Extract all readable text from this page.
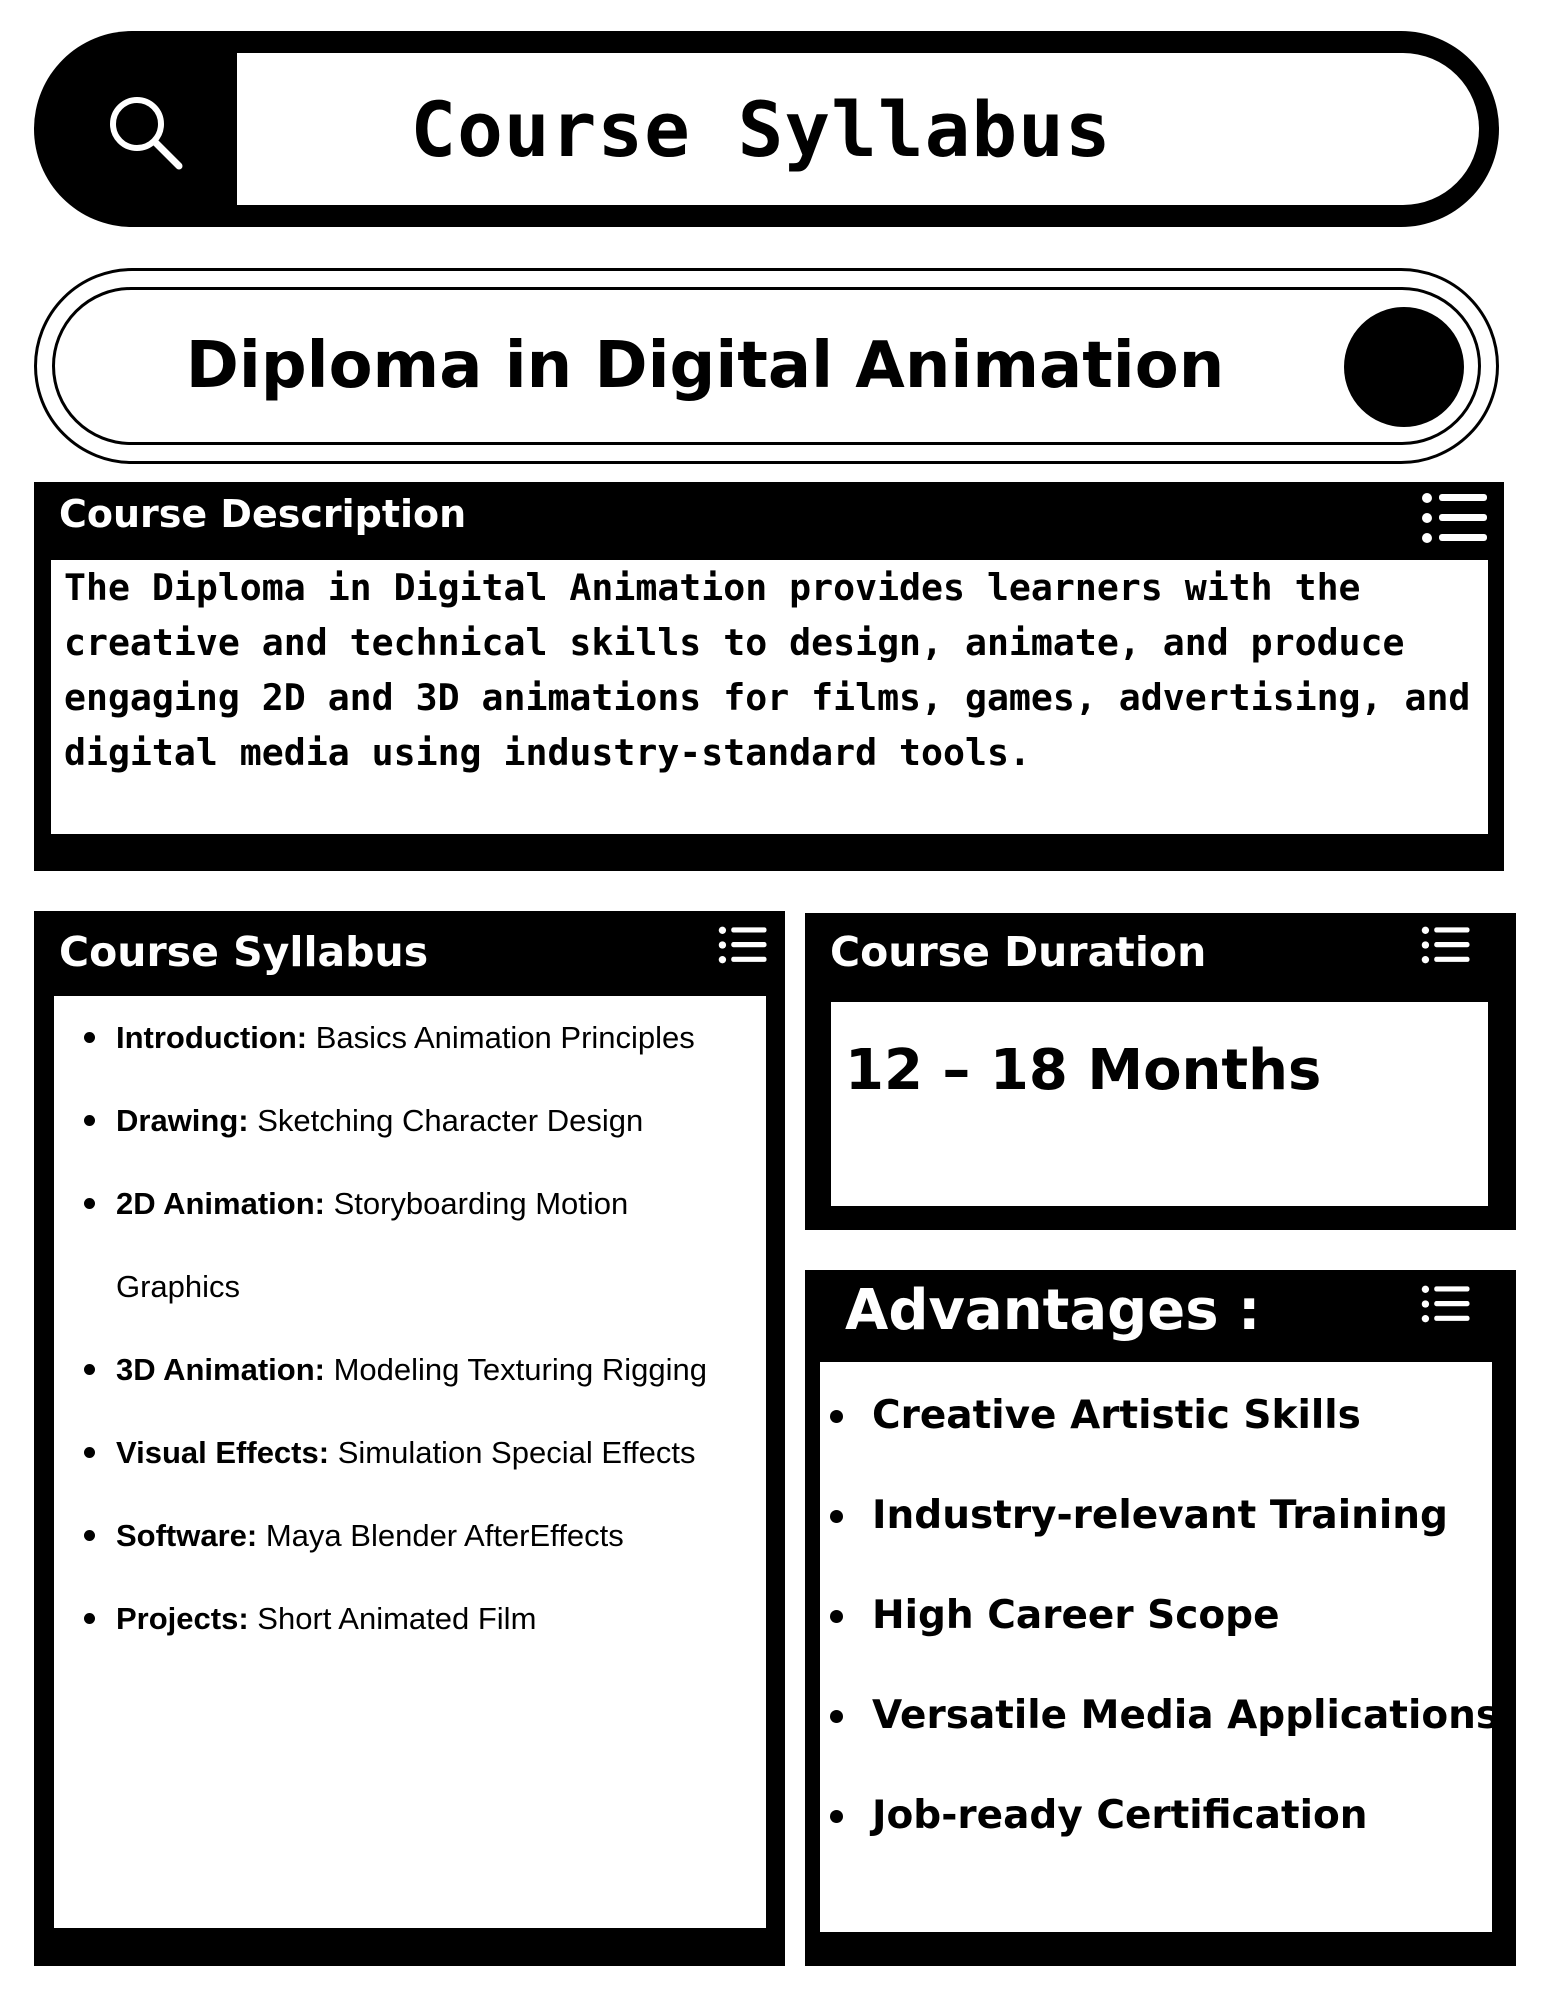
Course Syllabus
Diploma in Digital Animation
Course Description
The Diploma in Digital Animation provides learners with the creative and technical skills to design, animate, and produce engaging 2D and 3D animations for films, games, advertising, and digital media using industry-standard tools.
Course Syllabus
Introduction: Basics Animation Principles
Drawing: Sketching Character Design
2D Animation: Storyboarding Motion Graphics
3D Animation: Modeling Texturing Rigging
Visual Effects: Simulation Special Effects
Software: Maya Blender AfterEffects
Projects: Short Animated Film
Course Duration
12 – 18 Months
Advantages :
Creative Artistic Skills
Industry-relevant Training
High Career Scope
Versatile Media Applications
Job-ready Certification
